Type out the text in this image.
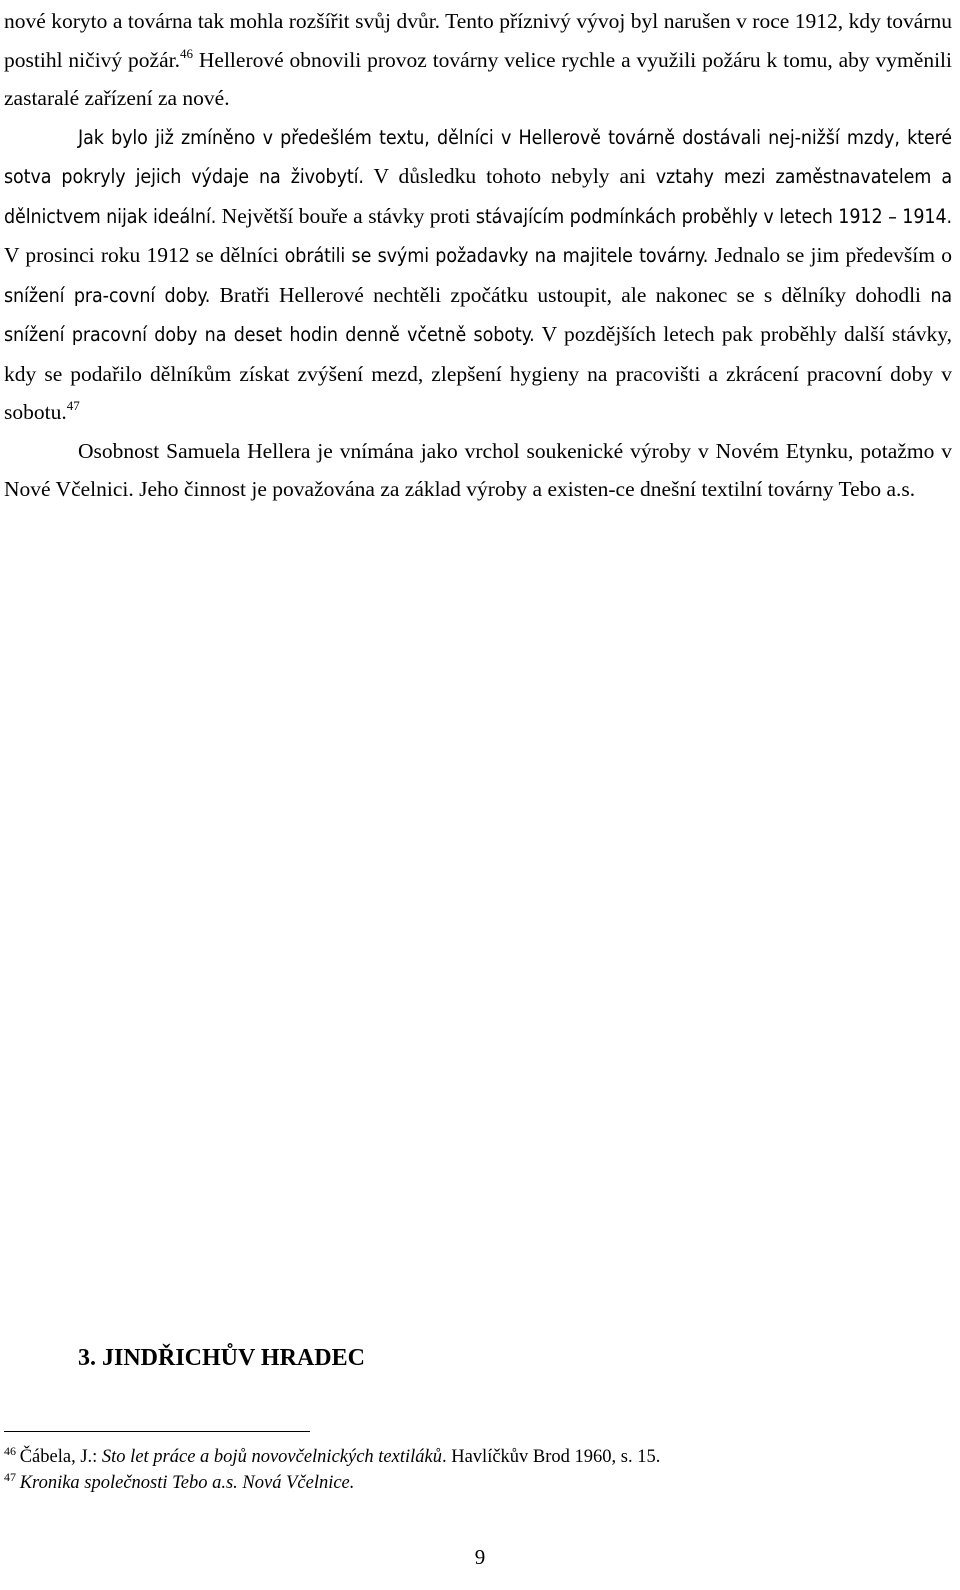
nové koryto a továrna tak mohla rozšířit svůj dvůr. Tento příznivý vývoj byl narušen v roce 1912, kdy továrnu postihl ničivý požár.$^{46}$ Hellerové obnovili provoz továrny velice rychle a využili požáru k tomu, aby vyměnili zastaralé zařízení za nové.

Jak bylo již zmíněno v předešlém textu, dělníci v Hellerově továrně dostávali nej-nižší mzdy, které sotva pokryly jejich výdaje na živobytí. V důsledku tohoto nebyly ani vztahy mezi zaměstnavatelem a dělnictvem nijak ideální. Největší bouře a stávky proti stávajícím podmínkách proběhly v letech 1912 – 1914. V prosinci roku 1912 se dělníci obrátili se svými požadavky na majitele továrny. Jednalo se jim především o snížení pra-covní doby. Bratři Hellerové nechtěli zpočátku ustoupit, ale nakonec se s dělníky dohodli na snížení pracovní doby na deset hodin denně včetně soboty. V pozdějších letech pak proběhly další stávky, kdy se podařilo dělníkům získat zvýšení mezd, zlepšení hygieny na pracovišti a zkrácení pracovní doby v sobotu.$^{47}$

Osobnost Samuela Hellera je vnímána jako vrchol soukenické výroby v Novém Etynku, potažmo v Nové Včelnici. Jeho činnost je považována za základ výroby a existen-ce dnešní textilní továrny Tebo a.s.

3. JINDŘICHŮV HRADEC
$^{46}$  Čábela, J.: Sto let práce a bojů novovčelnických textiláků. Havlíčkův Brod 1960, s. 15.
$^{47}$  Kronika společnosti Tebo a.s. Nová Včelnice.
9
